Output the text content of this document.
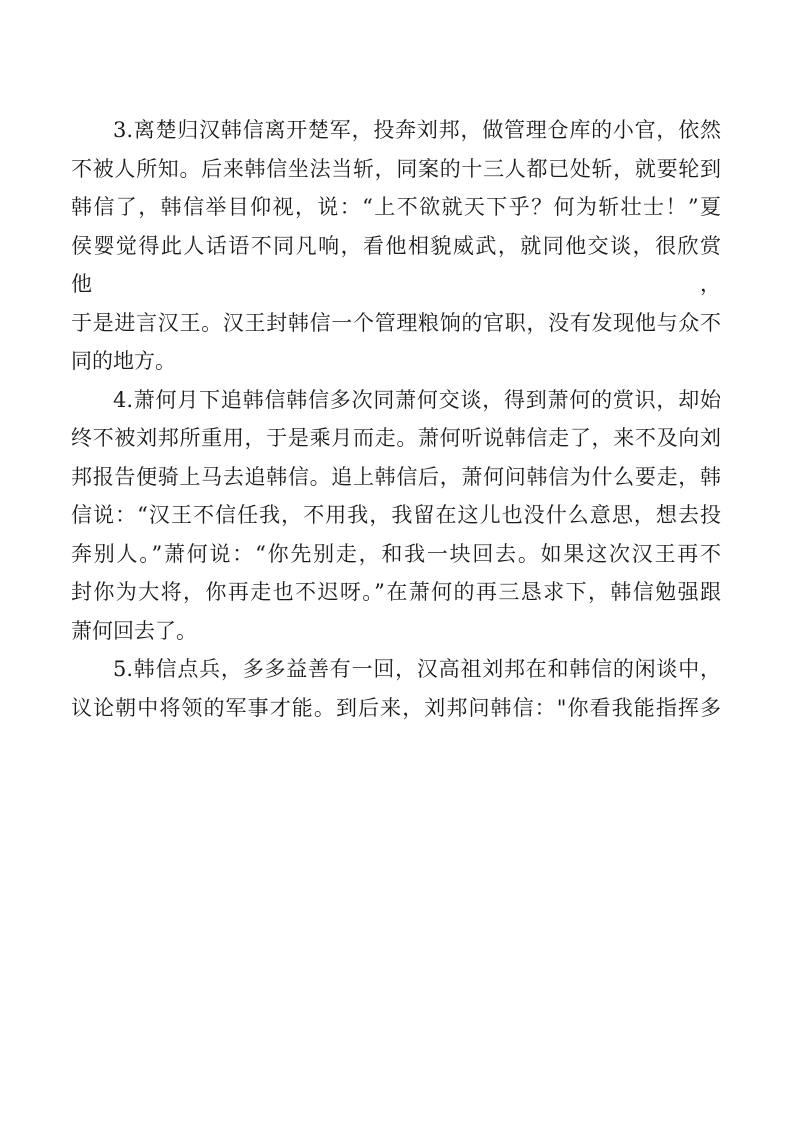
3.离楚归汉韩信离开楚军，投奔刘邦，做管理仓库的小官，依然
不被人所知。后来韩信坐法当斩，同案的十三人都已处斩，就要轮到
韩信了，韩信举目仰视，说：“上不欲就天下乎？何为斩壮士！”夏
侯婴觉得此人话语不同凡响，看他相貌威武，就同他交谈，很欣赏他，
于是进言汉王。汉王封韩信一个管理粮饷的官职，没有发现他与众不
同的地方。
4.萧何月下追韩信韩信多次同萧何交谈，得到萧何的赏识，却始
终不被刘邦所重用，于是乘月而走。萧何听说韩信走了，来不及向刘
邦报告便骑上马去追韩信。追上韩信后，萧何问韩信为什么要走，韩
信说：“汉王不信任我，不用我，我留在这儿也没什么意思，想去投
奔别人。”萧何说：“你先别走，和我一块回去。如果这次汉王再不
封你为大将，你再走也不迟呀。”在萧何的再三恳求下，韩信勉强跟
萧何回去了。
5.韩信点兵，多多益善有一回，汉高祖刘邦在和韩信的闲谈中，
议论朝中将领的军事才能。到后来，刘邦问韩信："你看我能指挥多
